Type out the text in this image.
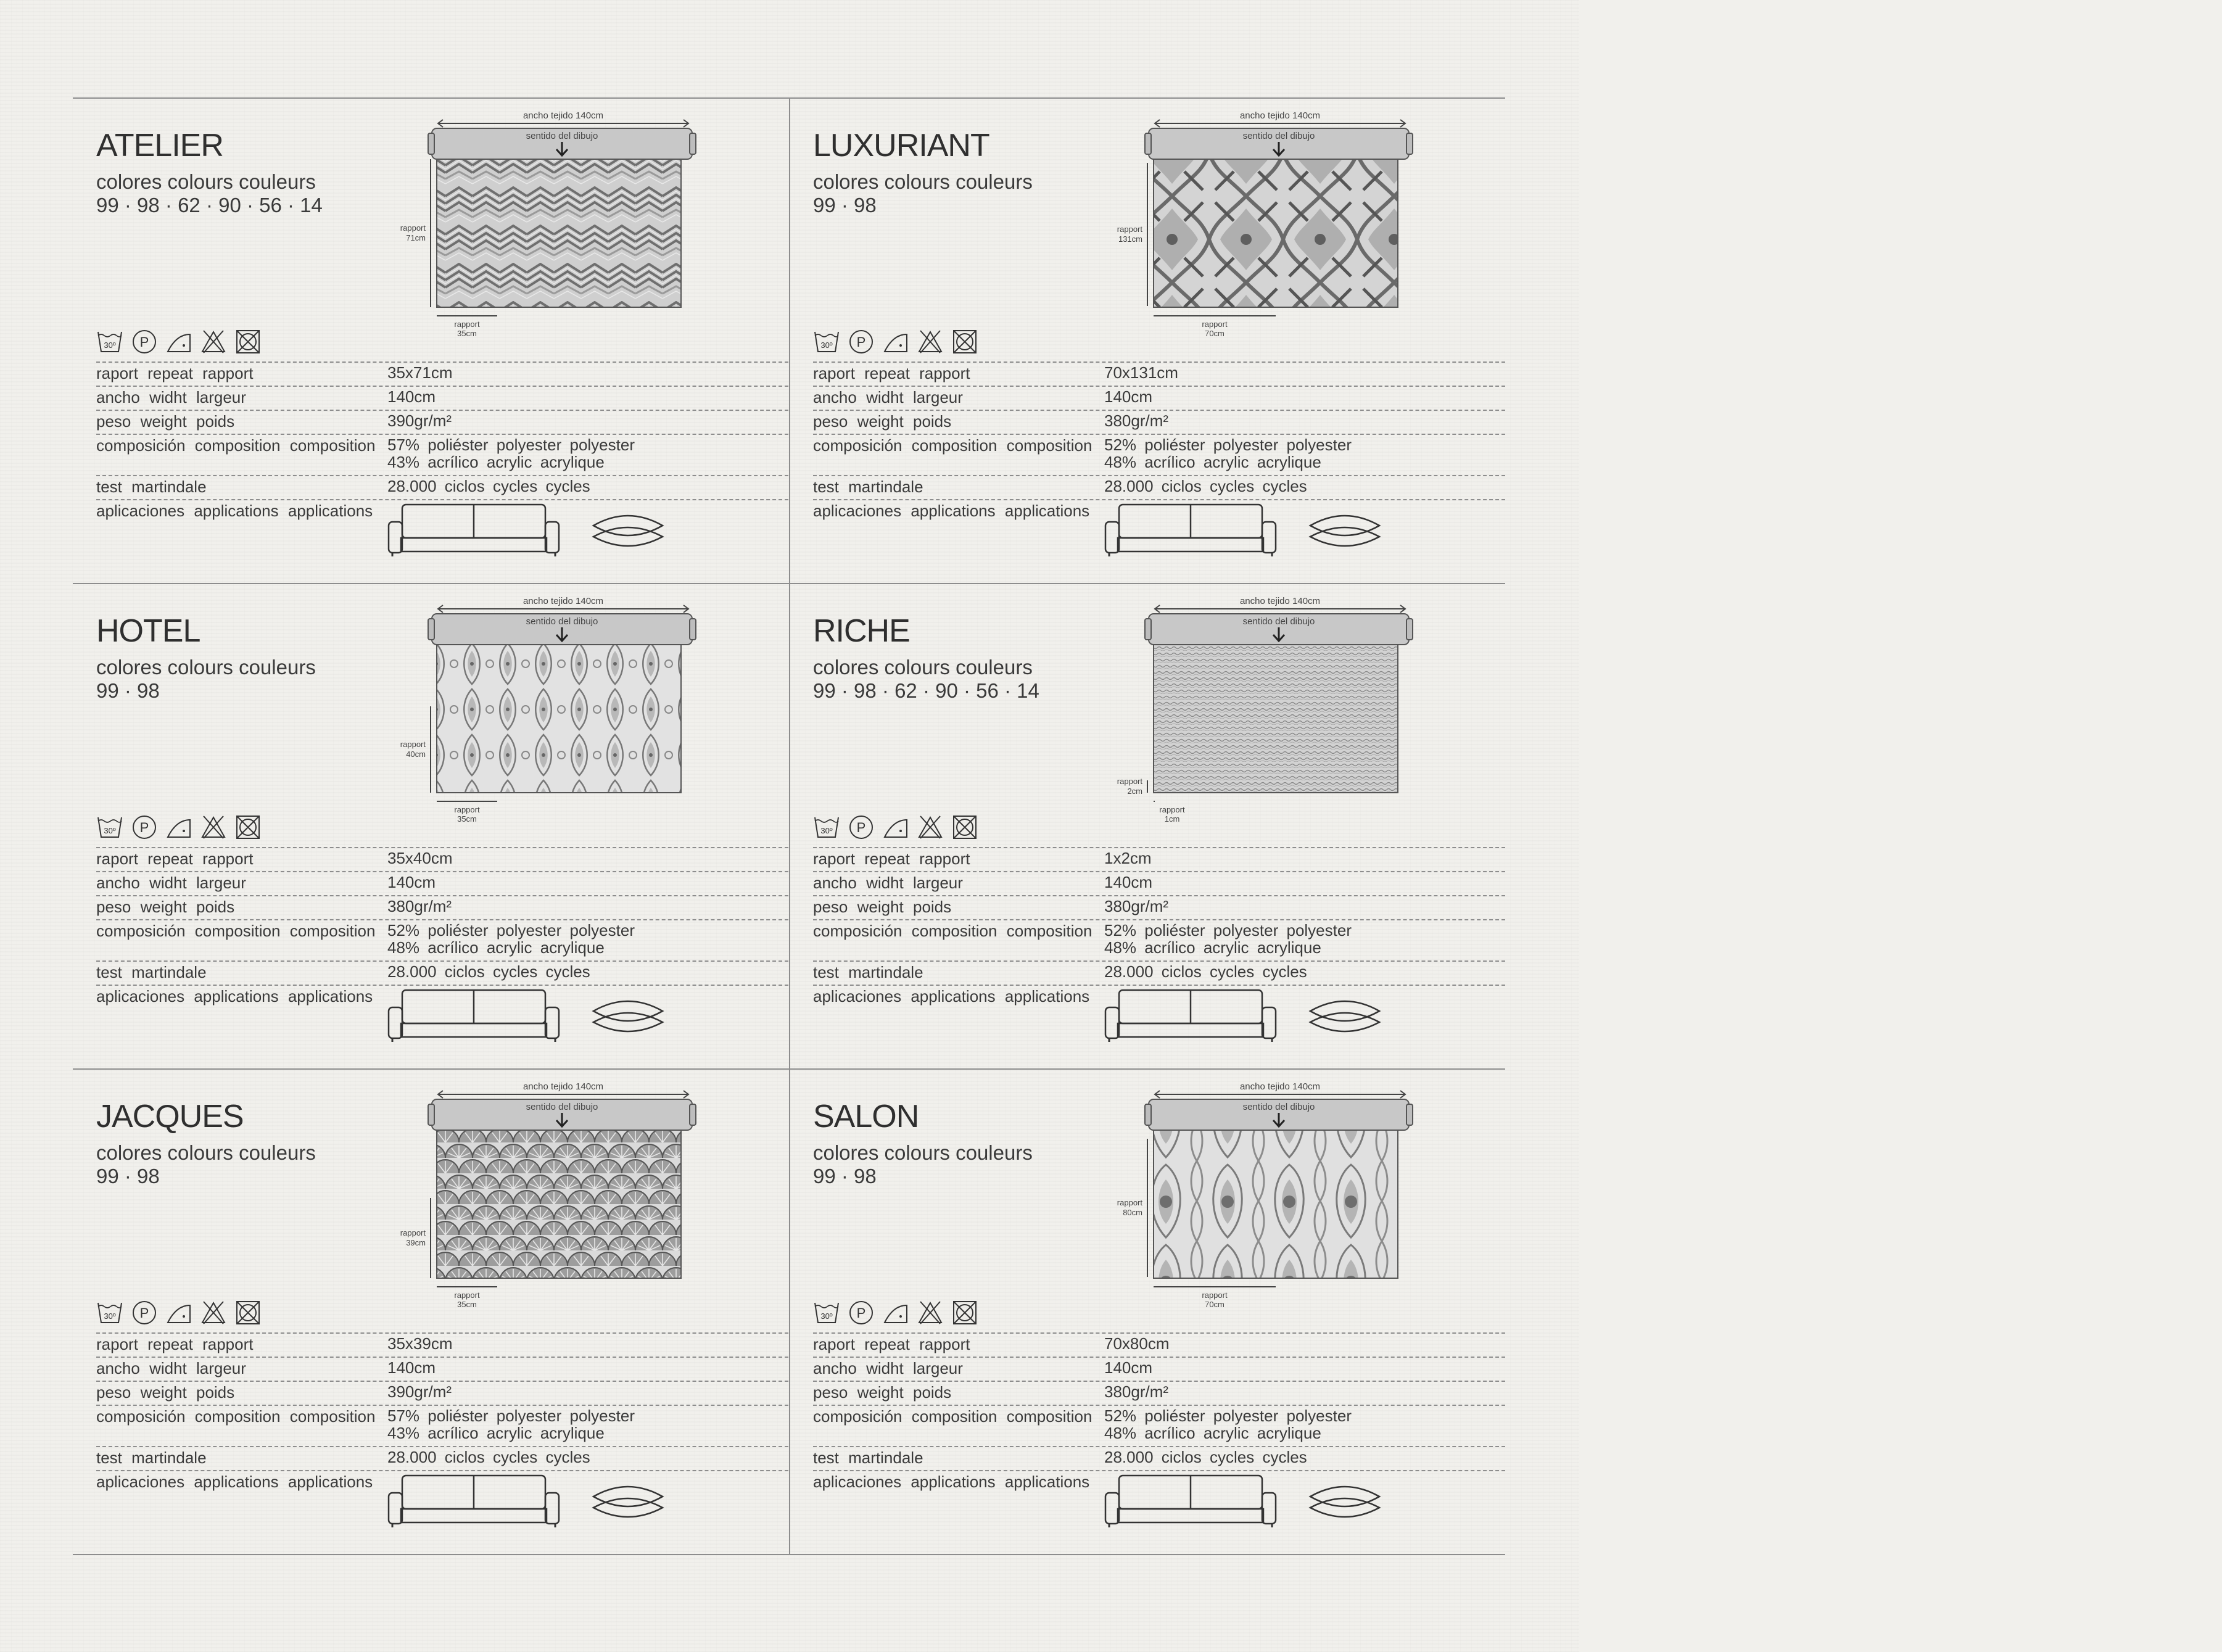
ATELIER
colores colours couleurs
99 · 98 · 62 · 90 · 56 · 14
ancho tejido 140cm
sentido del dibujo
rapport
71cm
rapport
35cm
30º P
raport repeat rapport	35x71cm
ancho widht largeur	140cm
peso weight poids	390gr/m²
composición composition composition 57% poliéster polyester polyester
43% acrílico acrylic acrylique
test martindale	28.000 ciclos cycles cycles
aplicaciones applications applications
LUXURIANT
colores colours couleurs
99 · 98
ancho tejido 140cm
sentido del dibujo
rapport
131cm
rapport
70cm
30º P
raport repeat rapport	70x131cm
ancho widht largeur	140cm
peso weight poids	380gr/m²
composición composition composition 52% poliéster polyester polyester
48% acrílico acrylic acrylique
test martindale	28.000 ciclos cycles cycles
aplicaciones applications applications
HOTEL
colores colours couleurs
99 · 98
ancho tejido 140cm
sentido del dibujo
rapport
40cm
rapport
35cm
30º P
raport repeat rapport	35x40cm
ancho widht largeur	140cm
peso weight poids	380gr/m²
composición composition composition 52% poliéster polyester polyester
48% acrílico acrylic acrylique
test martindale	28.000 ciclos cycles cycles
aplicaciones applications applications
RICHE
colores colours couleurs
99 · 98 · 62 · 90 · 56 · 14
ancho tejido 140cm
sentido del dibujo
rapport
2cm
rapport
1cm
30º P
raport repeat rapport	1x2cm
ancho widht largeur	140cm
peso weight poids	380gr/m²
composición composition composition 52% poliéster polyester polyester
48% acrílico acrylic acrylique
test martindale	28.000 ciclos cycles cycles
aplicaciones applications applications
JACQUES
colores colours couleurs
99 · 98
ancho tejido 140cm
sentido del dibujo
rapport
39cm
rapport
35cm
30º P
raport repeat rapport	35x39cm
ancho widht largeur	140cm
peso weight poids	390gr/m²
composición composition composition 57% poliéster polyester polyester
43% acrílico acrylic acrylique
test martindale	28.000 ciclos cycles cycles
aplicaciones applications applications
SALON
colores colours couleurs
99 · 98
ancho tejido 140cm
sentido del dibujo
rapport
80cm
rapport
70cm
30º P
raport repeat rapport	70x80cm
ancho widht largeur	140cm
peso weight poids	380gr/m²
composición composition composition 52% poliéster polyester polyester
48% acrílico acrylic acrylique
test martindale	28.000 ciclos cycles cycles
aplicaciones applications applications
